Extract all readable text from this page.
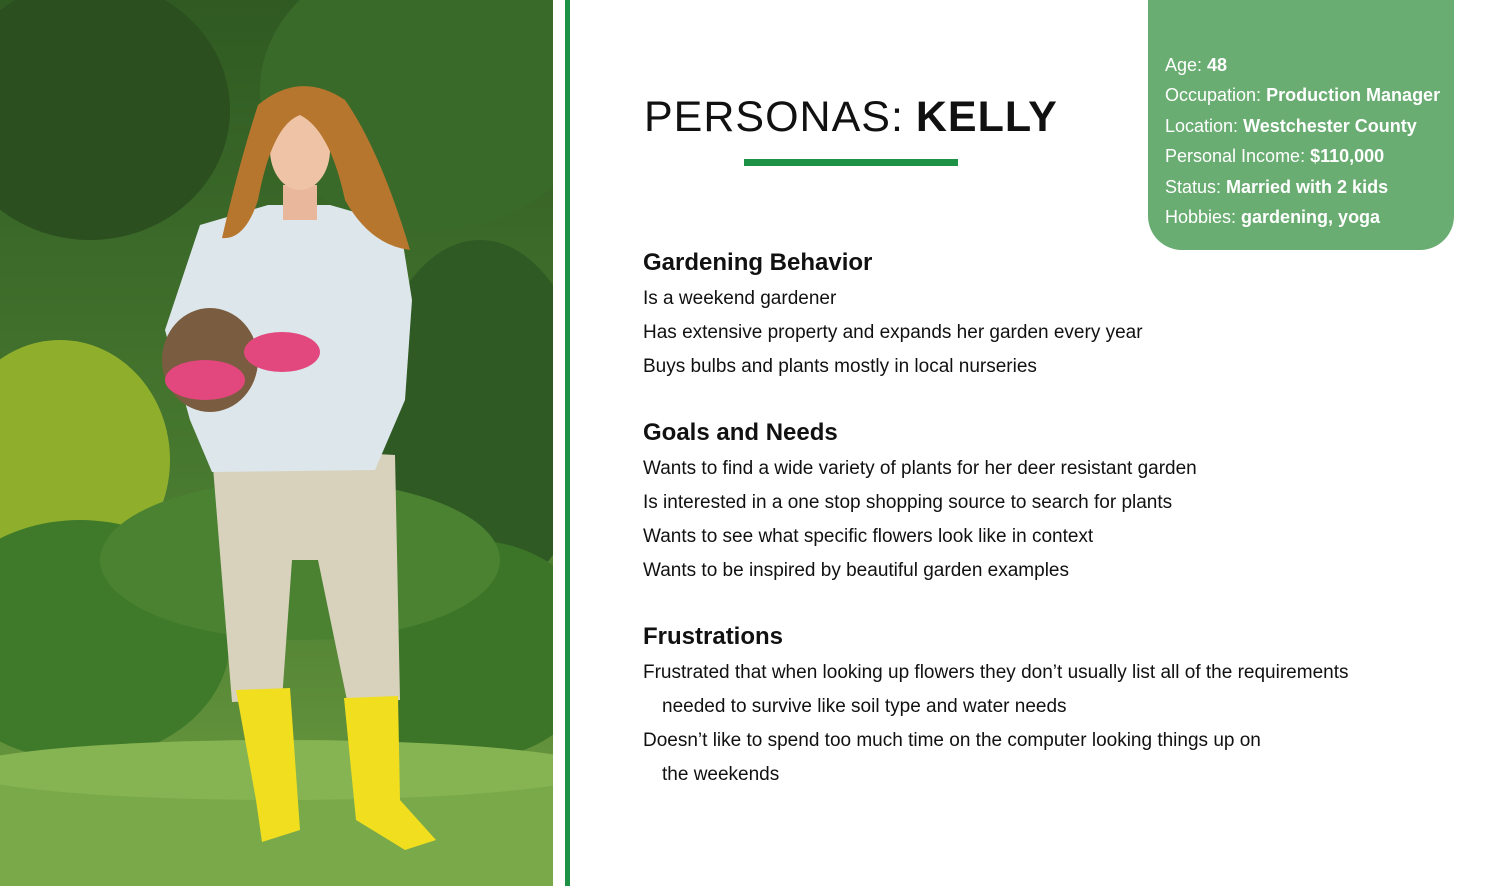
PERSONAS: KELLY
Age: 48
Occupation: Production Manager
Location: Westchester County
Personal Income: $110,000
Status: Married with 2 kids
Hobbies: gardening, yoga
Gardening Behavior
Is a weekend gardener
Has extensive property and expands her garden every year
Buys bulbs and plants mostly in local nurseries
Goals and Needs
Wants to find a wide variety of plants for her deer resistant garden
Is interested in a one stop shopping source to search for plants
Wants to see what specific flowers look like in context
Wants to be inspired by beautiful garden examples
Frustrations
Frustrated that when looking up flowers they don’t usually list all of the requirements
needed to survive like soil type and water needs
Doesn’t like to spend too much time on the computer looking things up on
the weekends
